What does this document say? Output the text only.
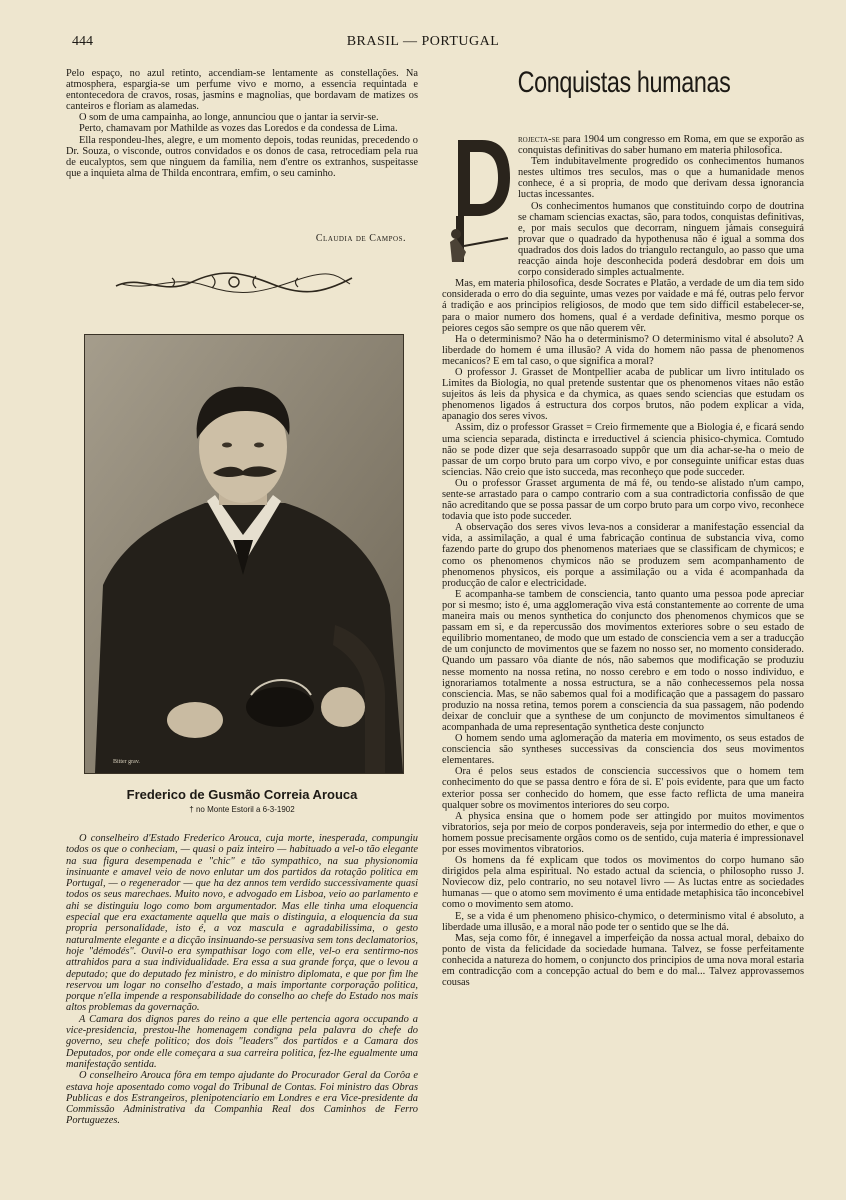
444	BRASIL — PORTUGAL

Pelo espaço, no azul retinto, accendiam-se lentamente as constellações. Na atmosphera, espargia-se um perfume vivo e morno, a essencia requintada e entontecedora de cravos, rosas, jasmins e magnolias, que bordavam de matizes os canteiros e floriam as alamedas.

O som de uma campainha, ao longe, annunciou que o jantar ia servir-se.

Perto, chamavam por Mathilde as vozes das Loredos e da condessa de Lima.

Ella respondeu-lhes, alegre, e um momento depois, todas reunidas, precedendo o Dr. Souza, o visconde, outros convidados e os donos de casa, retrocediam pela rua de eucalyptos, sem que ninguem da familia, nem d'entre os extranhos, suspeitasse que a inquieta alma de Thilda encontrara, emfim, o seu caminho.

Claudia de Campos.
Bitter grav.
Frederico de Gusmão Correia Arouca
† no Monte Estoril a 6-3-1902

O conselheiro d'Estado Frederico Arouca, cuja morte, inesperada, compungiu todos os que o conheciam, — quasi o paiz inteiro — habituado a vel-o tão elegante na sua figura desempenada e "chic" e tão sympathico, na sua physionomia insinuante e amavel veio de novo enlutar um dos partidos da rotação politica em Portugal, — o regenerador — que ha dez annos tem verdido successivamente quasi todos os seus marechaes. Muito novo, e advogado em Lisboa, veio ao parlamento e ahi se distinguiu logo como bom argumentador. Mas elle tinha uma eloquencia especial que era exactamente aquella que mais o distinguia, a eloquencia da sua propria personalidade, isto é, a voz mascula e agradabilissima, o gesto naturalmente elegante e a dicção insinuando-se persuasiva sem tons declamatorios, hoje "démodés". Ouvil-o era sympathisar logo com elle, vel-o era sentirmo-nos attrahidos para a sua individualidade. Era essa a sua grande força, que o levou a deputado; que do deputado fez ministro, e do ministro diplomata, e que por fim lhe reservou um logar no conselho d'estado, a mais importante corporação politica, porque n'ella impende a responsabilidade do conselho ao chefe do Estado nos mais altos problemas da governação.

A Camara dos dignos pares do reino a que elle pertencia agora occupando a vice-presidencia, prestou-lhe homenagem condigna pela palavra do chefe do governo, seu chefe politico; dos dois "leaders" dos partidos e a Camara dos Deputados, por onde elle começara a sua carreira politica, fez-lhe egualmente uma manifestação sentida.

O conselheiro Arouca fôra em tempo ajudante do Procurador Geral da Corôa e estava hoje aposentado como vogal do Tribunal de Contas. Foi ministro das Obras Publicas e dos Estrangeiros, plenipotenciario em Londres e era Vice-presidente da Commissão Administrativa da Companhia Real dos Caminhos de Ferro Portuguezes.

Conquistas humanas
D

rojecta-se para 1904 um congresso em Roma, em que se exporão as conquistas definitivas do saber humano em materia philosofica.

Tem indubitavelmente progredido os conhecimentos humanos nestes ultimos tres seculos, mas o que a humanidade menos conhece, é a si propria, de modo que derivam dessa ignorancia luctas incessantes.

Os conhecimentos humanos que constituindo corpo de doutrina se chamam sciencias exactas, são, para todos, conquistas definitivas, e, por mais seculos que decorram, ninguem jámais conseguirá provar que o quadrado da hypothenusa não é igual a somma dos quadrados dos dois lados do triangulo rectangulo, ao passo que uma reacção ainda hoje desconhecida poderá desdobrar em dois um corpo considerado simples actualmente.

Mas, em materia philosofica, desde Socrates e Platão, a verdade de um dia tem sido considerada o erro do dia seguinte, umas vezes por vaidade e má fé, outras pelo fervor á tradição e aos principios religiosos, de modo que tem sido difficil estabelecer-se, para o maior numero dos homens, qual é a verdade definitiva, mesmo porque os peiores cegos são sempre os que não querem vêr.

Ha o determinismo? Não ha o determinismo? O determinismo vital é absoluto? A liberdade do homem é uma illusão? A vida do homem não passa de phenomenos mecanicos? E em tal caso, o que significa a moral?

O professor J. Grasset de Montpellier acaba de publicar um livro intitulado os Limites da Biologia, no qual pretende sustentar que os phenomenos vitaes não estão sujeitos ás leis da physica e da chymica, as quaes sendo sciencias que estudam os phenomenos ligados á estructura dos corpos brutos, não podem explicar a vida, apanagio dos seres vivos.

Assim, diz o professor Grasset = Creio firmemente que a Biologia é, e ficará sendo uma sciencia separada, distincta e irreductivel á sciencia phisico-chymica. Comtudo não se pode dizer que seja desarrasoado suppôr que um dia achar-se-ha o meio de passar de um corpo bruto para um corpo vivo, e por conseguinte unificar estas duas sciencias. Não creio que isto succeda, mas reconheço que pode succeder.

Ou o professor Grasset argumenta de má fé, ou tendo-se alistado n'um campo, sente-se arrastado para o campo contrario com a sua contradictoria confissão de que não acreditando que se possa passar de um corpo bruto para um corpo vivo, reconhece todavia que isto pode succeder.

A observação dos seres vivos leva-nos a considerar a manifestação essencial da vida, a assimilação, a qual é uma fabricação continua de substancia viva, como fazendo parte do grupo dos phenomenos materiaes que se classificam de chymicos; e como os phenomenos chymicos não se produzem sem acompanhamento de phenomenos physicos, eis porque a assimilação ou a vida é acompanhada da producção de calor e electricidade.

E acompanha-se tambem de consciencia, tanto quanto uma pessoa pode apreciar por si mesmo; isto é, uma agglomeração viva está constantemente ao corrente de uma maneira mais ou menos synthetica do conjuncto dos phenomenos chymicos que se passam em si, e da repercussão dos movimentos exteriores sobre o seu estado de equilibrio momentaneo, de modo que um estado de consciencia vem a ser a traducção de um conjuncto de movimentos que se fazem no nosso ser, no momento considerado. Quando um passaro vôa diante de nós, não sabemos que modificação se produziu nesse momento na nossa retina, no nosso cerebro e em todo o nosso individuo, e ignorariamos totalmente a nossa estructura, se a não conhecessemos pela nossa consciencia. Mas, se não sabemos qual foi a modificação que a passagem do passaro produzio na nossa retina, temos porem a consciencia da sua passagem, não podendo deixar de concluir que a synthese de um conjuncto de movimentos simultaneos é acompanhada de uma representação synthetica deste conjuncto

O homem sendo uma aglomeração da materia em movimento, os seus estados de consciencia são syntheses successivas da consciencia dos seus movimentos elementares.

Ora é pelos seus estados de consciencia successivos que o homem tem conhecimento do que se passa dentro e fóra de si. E' pois evidente, para que um facto exterior possa ser conhecido do homem, que esse facto reflicta de uma maneira qualquer sobre os movimentos interiores do seu corpo.

A physica ensina que o homem pode ser attingido por muitos movimentos vibratorios, seja por meio de corpos ponderaveis, seja por intermedio do ether, e que o homem possue precisamente orgãos como os de sentido, cuja materia é impressionavel por esses movimentos vibratorios.

Os homens da fé explicam que todos os movimentos do corpo humano são dirigidos pela alma espiritual. No estado actual da sciencia, o philosopho russo J. Noviecow diz, pelo contrario, no seu notavel livro — As luctas entre as sociedades humanas — que o atomo sem movimento é uma entidade metaphisica tão inconcebivel como o movimento sem atomo.

E, se a vida é um phenomeno phisico-chymico, o determinismo vital é absoluto, a liberdade uma illusão, e a moral não pode ter o sentido que se lhe dá.

Mas, seja como fôr, é innegavel a imperfeição da nossa actual moral, debaixo do ponto de vista da felicidade da sociedade humana. Talvez, se fosse perfeitamente conhecida a natureza do homem, o conjuncto dos principios de uma nova moral estaria em contradicção com a concepção actual do bem e do mal... Talvez approvassemos cousas
